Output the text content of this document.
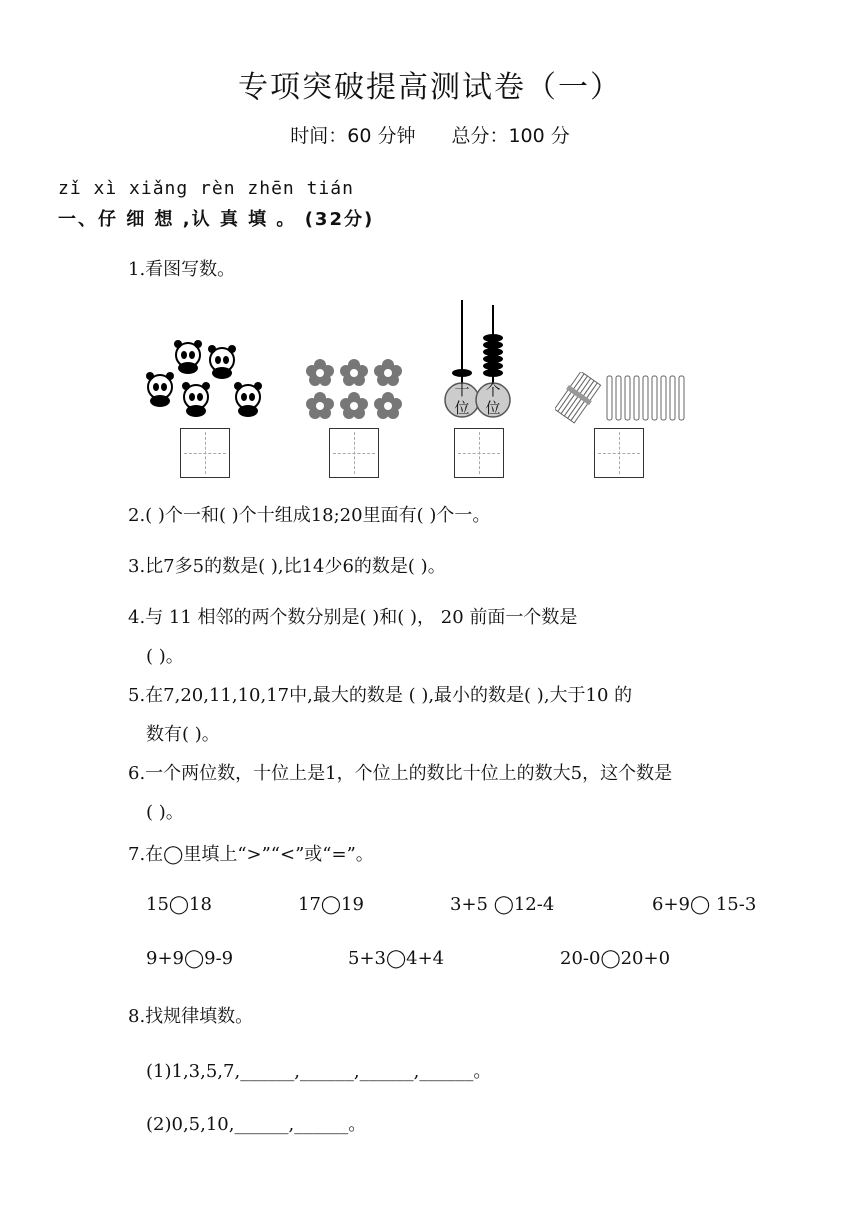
专项突破提高测试卷（一）
时间：60 分钟 总分：100 分
zǐ xì xiǎng rèn zhēn tián
一、仔 细 想 ,认 真 填 。 (32分)
1.看图写数。
十位
个位
2.( )个一和( )个十组成18;20里面有( )个一。
3.比7多5的数是( ),比14少6的数是( )。
4.与 11 相邻的两个数分别是( )和( )， 20 前面一个数是
( )。
5.在7,20,11,10,17中,最大的数是 ( ),最小的数是( ),大于10 的
数有( )。
6.一个两位数，十位上是1，个位上的数比十位上的数大5，这个数是
( )。
7.在◯里填上“>”“<”或“=”。
15◯18	17◯19	3+5 ◯12-4	6+9◯ 15-3
9+9◯9-9	5+3◯4+4	20-0◯20+0
8.找规律填数。
(1)1,3,5,7,______,______,______,______。
(2)0,5,10,______,______。
